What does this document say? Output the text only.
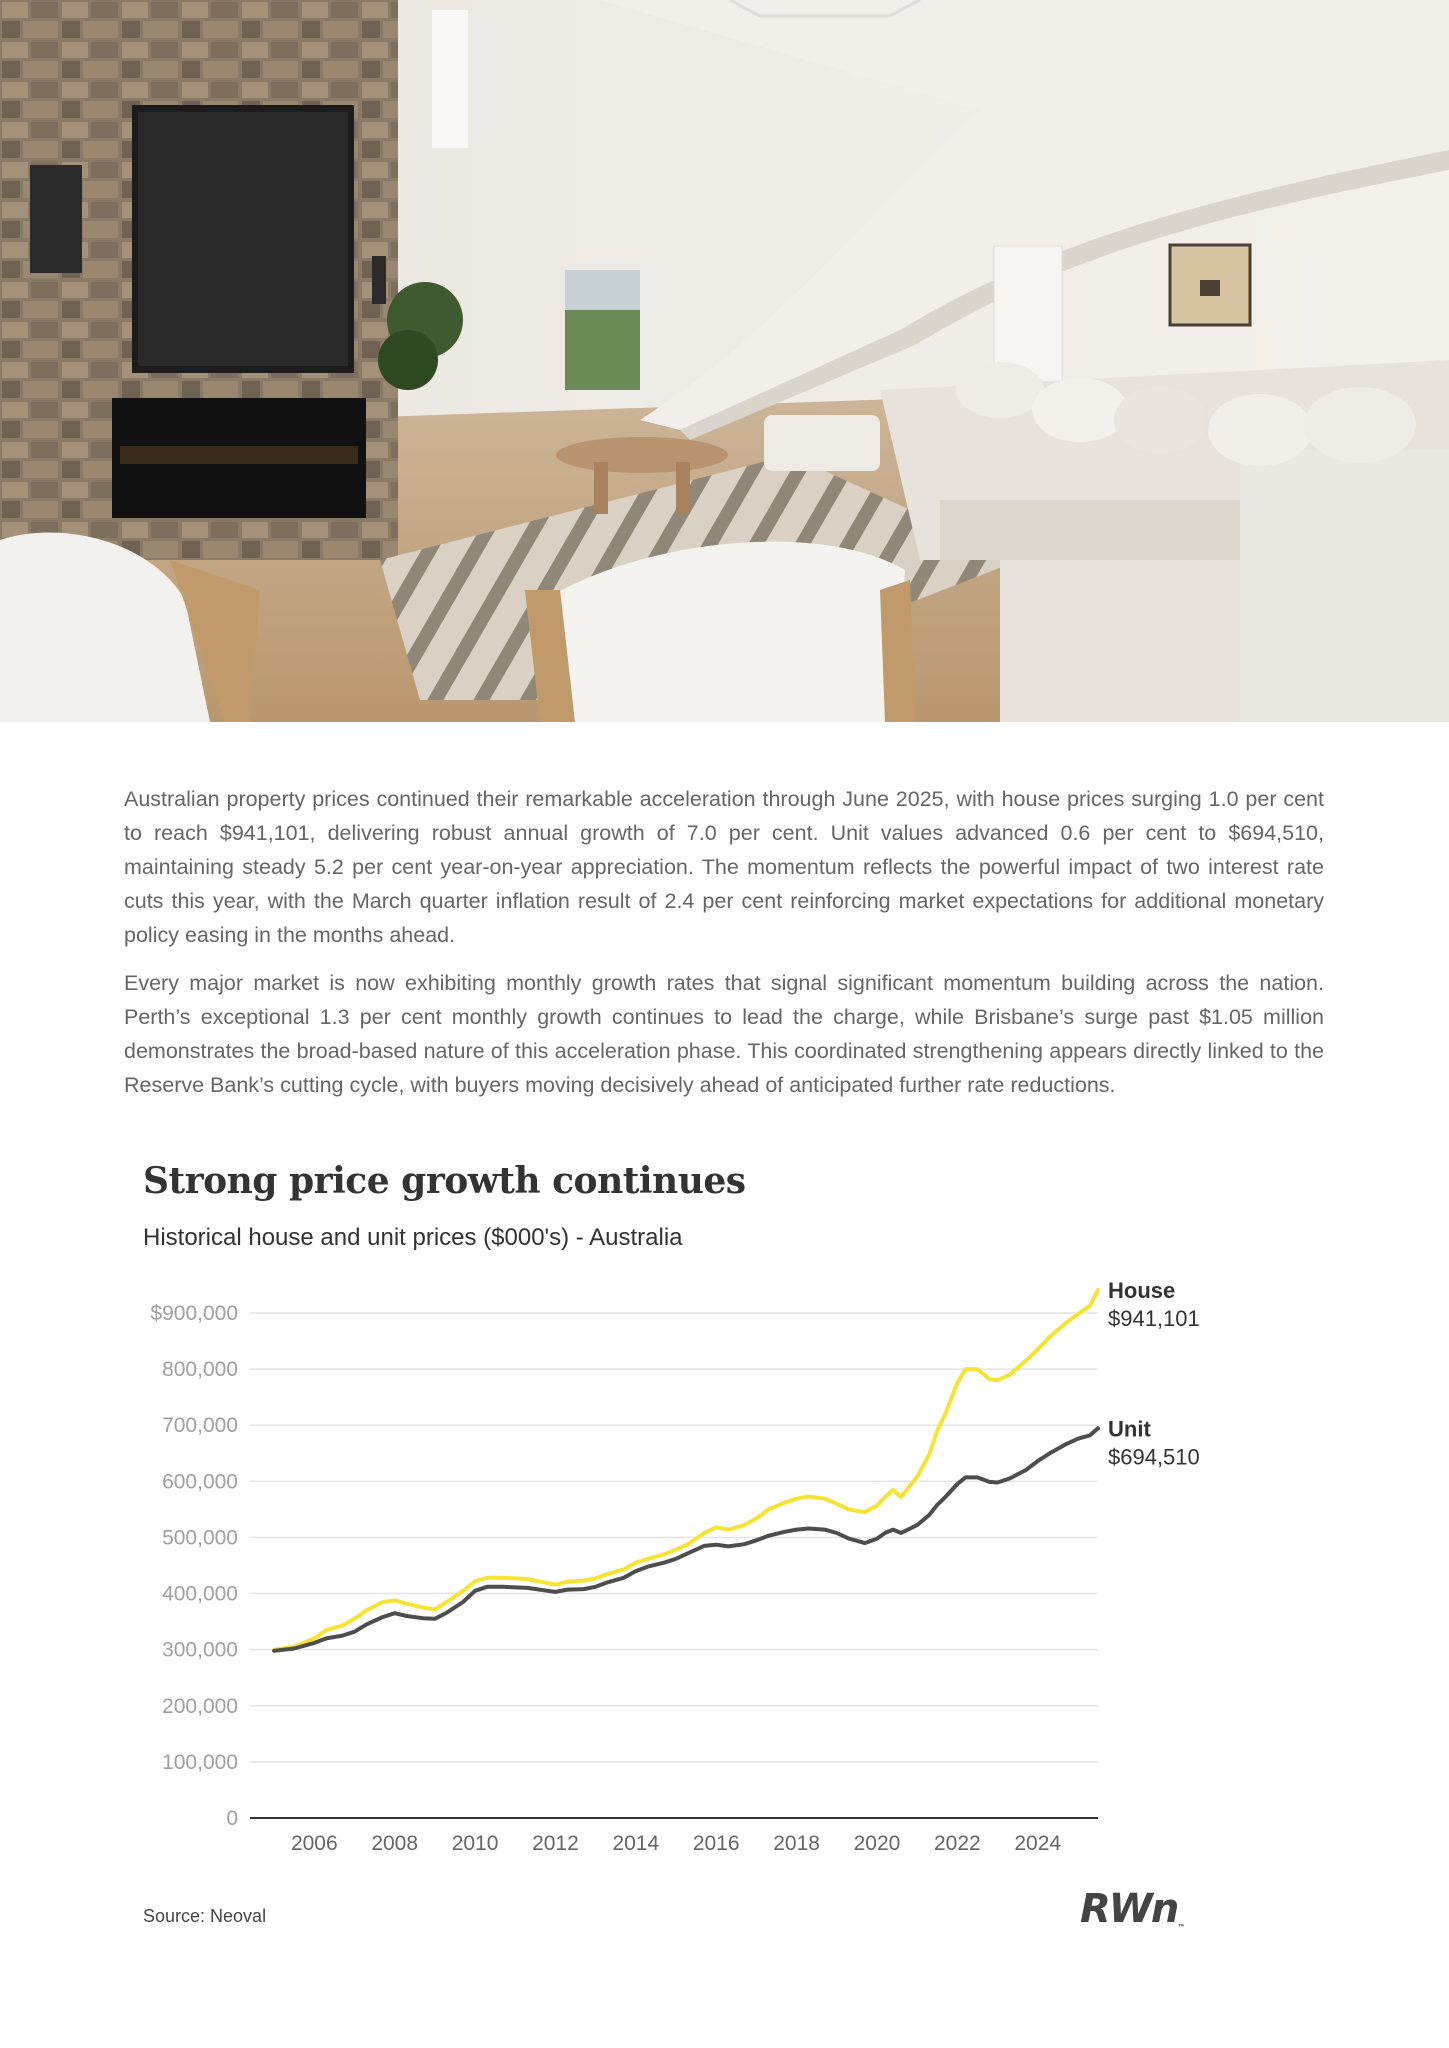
Australian property prices continued their remarkable acceleration through June 2025, with house prices surging 1.0 per cent to reach $941,101, delivering robust annual growth of 7.0 per cent. Unit values advanced 0.6 per cent to $694,510, maintaining steady 5.2 per cent year-on-year appreciation. The momentum reflects the powerful impact of two interest rate cuts this year, with the March quarter inflation result of 2.4 per cent reinforcing market expectations for additional monetary policy easing in the months ahead.

Every major market is now exhibiting monthly growth rates that signal significant momentum building across the nation. Perth’s exceptional 1.3 per cent monthly growth continues to lead the charge, while Brisbane’s surge past $1.05 million demonstrates the broad-based nature of this acceleration phase. This coordinated strengthening appears directly linked to the Reserve Bank’s cutting cycle, with buyers moving decisively ahead of anticipated further rate reductions.

Strong price growth continues
Historical house and unit prices ($000's) - Australia
$900,000
800,000
700,000
600,000
500,000
400,000
300,000
200,000
100,000
0
2006 2008 2010 2012 2014 2016 2018 2020 2022 2024
House
$941,101
Unit
$694,510
Source: Neoval	RWn™
